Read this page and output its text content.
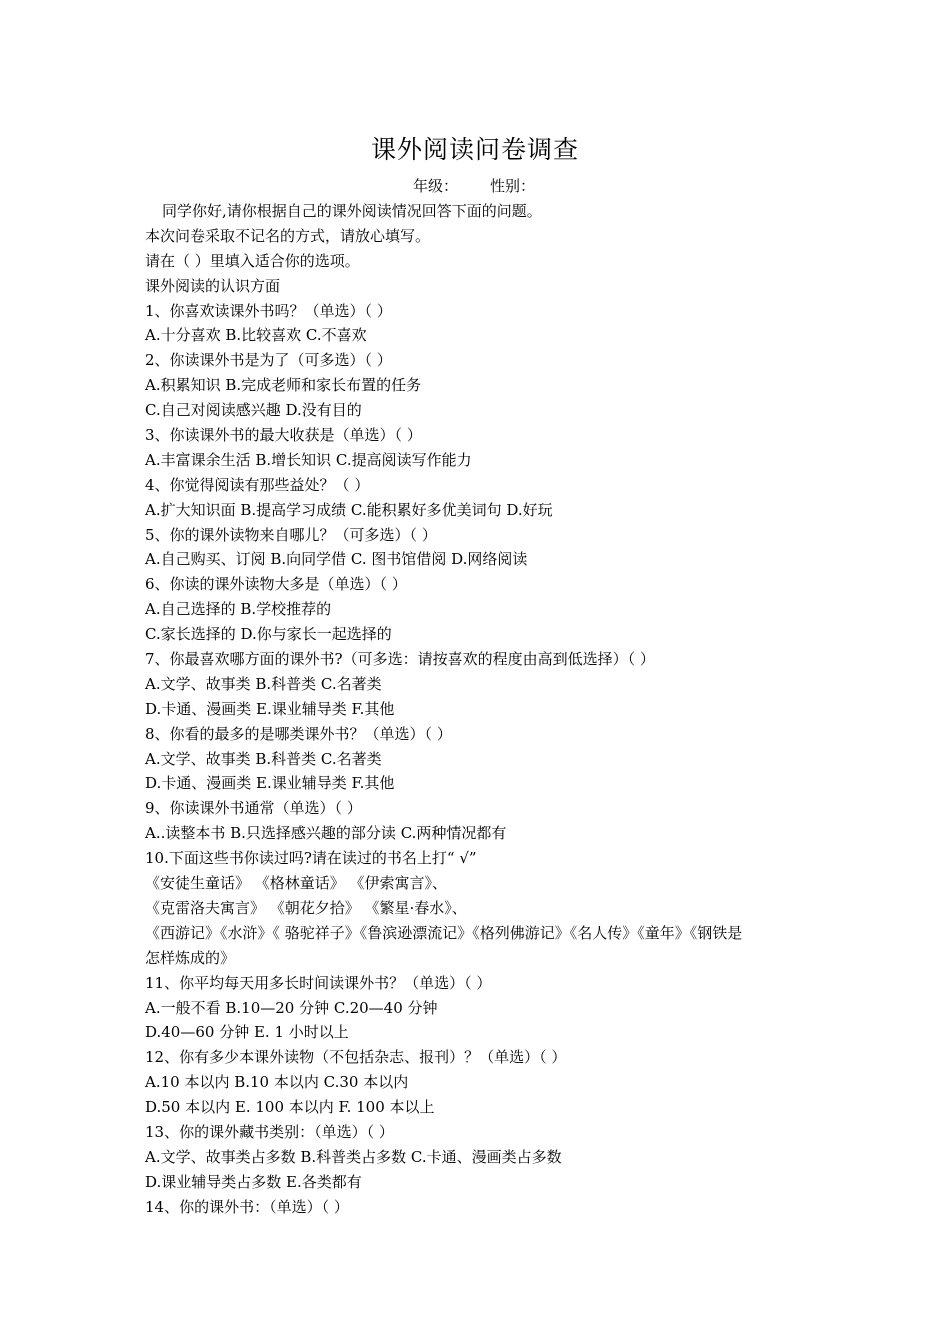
课外阅读问卷调查
年级： 性别：
同学你好,请你根据自己的课外阅读情况回答下面的问题。
本次问卷采取不记名的方式，请放心填写。
请在（ ）里填入适合你的选项。
课外阅读的认识方面
1、你喜欢读课外书吗？（单选）（ ）
A.十分喜欢 B.比较喜欢 C.不喜欢
2、你读课外书是为了（可多选）（ ）
A.积累知识 B.完成老师和家长布置的任务
C.自己对阅读感兴趣 D.没有目的
3、你读课外书的最大收获是（单选）（ ）
A.丰富课余生活 B.增长知识 C.提高阅读写作能力
4、你觉得阅读有那些益处？（ ）
A.扩大知识面 B.提高学习成绩 C.能积累好多优美词句 D.好玩
5、你的课外读物来自哪儿？（可多选）（ ）
A.自己购买、订阅 B.向同学借 C. 图书馆借阅 D.网络阅读
6、你读的课外读物大多是（单选）（ ）
A.自己选择的 B.学校推荐的
C.家长选择的 D.你与家长一起选择的
7、你最喜欢哪方面的课外书?（可多选：请按喜欢的程度由高到低选择）（ ）
A.文学、故事类 B.科普类 C.名著类
D.卡通、漫画类 E.课业辅导类 F.其他
8、你看的最多的是哪类课外书？（单选）（ ）
A.文学、故事类 B.科普类 C.名著类
D.卡通、漫画类 E.课业辅导类 F.其他
9、你读课外书通常（单选）（ ）
A..读整本书 B.只选择感兴趣的部分读 C.两种情况都有
10.下面这些书你读过吗?请在读过的书名上打“ √”
《安徒生童话》 《格林童话》 《伊索寓言》、
《克雷洛夫寓言》 《朝花夕拾》 《繁星·春水》、
《西游记》《水浒》《 骆驼祥子》《鲁滨逊漂流记》《格列佛游记》《名人传》《童年》《钢铁是
怎样炼成的》
11、你平均每天用多长时间读课外书？（单选）（ ）
A.一般不看 B.10—20 分钟 C.20—40 分钟
D.40—60 分钟 E. 1 小时以上
12、你有多少本课外读物（不包括杂志、报刊）？（单选）（ ）
A.10 本以内 B.10 本以内 C.30 本以内
D.50 本以内 E. 100 本以内 F. 100 本以上
13、你的课外藏书类别：（单选）（ ）
A.文学、故事类占多数 B.科普类占多数 C.卡通、漫画类占多数
D.课业辅导类占多数 E.各类都有
14、你的课外书：（单选）（ ）
